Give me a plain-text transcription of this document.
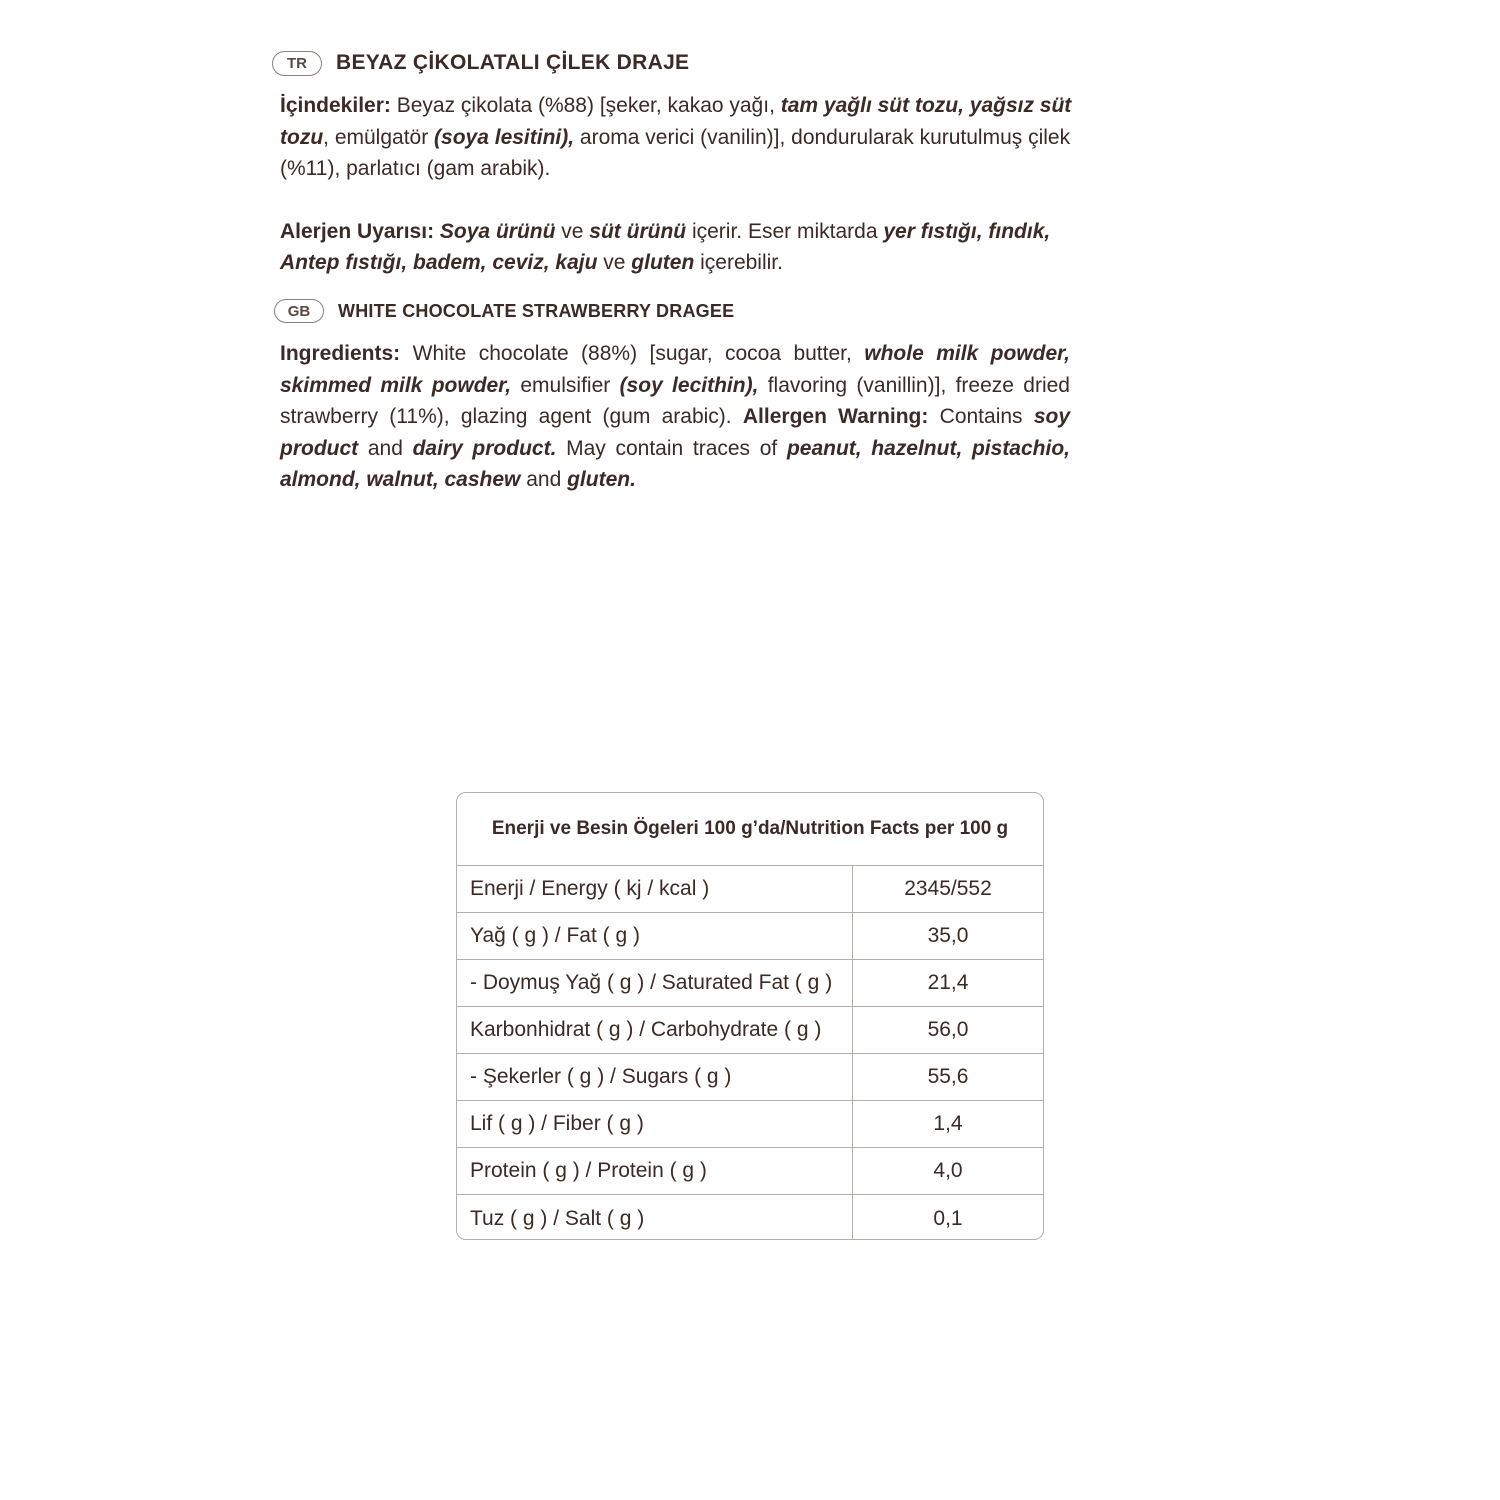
TR	BEYAZ ÇİKOLATALI ÇİLEK DRAJE

İçindekiler: Beyaz çikolata (%88) [şeker, kakao yağı, tam yağlı süt tozu, yağsız süt tozu, emülgatör (soya lesitini), aroma verici (vanilin)], dondurularak kurutulmuş çilek (%11), parlatıcı (gam arabik).

Alerjen Uyarısı: Soya ürünü ve süt ürünü içerir. Eser miktarda yer fıstığı, fındık, Antep fıstığı, badem, ceviz, kaju ve gluten içerebilir.

GB	WHITE CHOCOLATE STRAWBERRY DRAGEE

Ingredients: White chocolate (88%) [sugar, cocoa butter, whole milk powder, skimmed milk powder, emulsifier (soy lecithin), flavoring (vanillin)], freeze dried strawberry (11%), glazing agent (gum arabic). Allergen Warning: Contains soy product and dairy product. May contain traces of peanut, hazelnut, pistachio, almond, walnut, cashew and gluten.

Enerji ve Besin Ögeleri 100 g’da/Nutrition Facts per 100 g
Enerji / Energy ( kj / kcal )	2345/552
Yağ ( g ) / Fat ( g )	35,0
- Doymuş Yağ ( g ) / Saturated Fat ( g )	21,4
Karbonhidrat ( g ) / Carbohydrate ( g )	56,0
- Şekerler ( g ) / Sugars ( g )	55,6
Lif ( g ) / Fiber ( g )	1,4
Protein ( g ) / Protein ( g )	4,0
Tuz ( g ) / Salt ( g )	0,1
